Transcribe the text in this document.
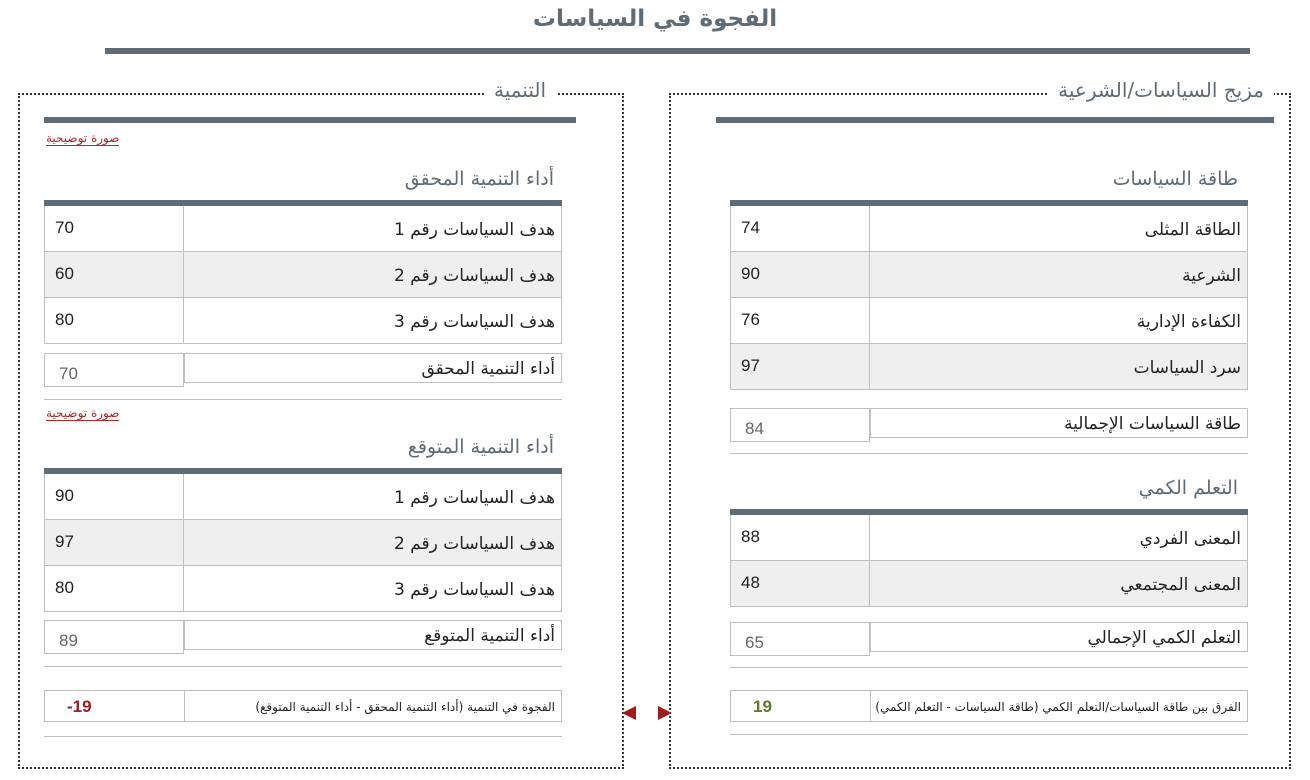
الفجوة في السياسات
مزيج السياسات/الشرعية
طاقة السياسات
74	الطاقة المثلى
90	الشرعية
76	الكفاءة الإدارية
97	سرد السياسات
84	طاقة السياسات الإجمالية
التعلم الكمي
88	المعنى الفردي
48	المعنى المجتمعي
65	التعلم الكمي الإجمالي
19	الفرق بين طاقة السياسات/التعلم الكمي (طاقة السياسات - التعلم الكمي)
التنمية
صورة توضيحية
أداء التنمية المحقق
70	هدف السياسات رقم 1
60	هدف السياسات رقم 2
80	هدف السياسات رقم 3
70	أداء التنمية المحقق
صورة توضيحية
أداء التنمية المتوقع
90	هدف السياسات رقم 1
97	هدف السياسات رقم 2
80	هدف السياسات رقم 3
89	أداء التنمية المتوقع
-19	الفجوة في التنمية (أداء التنمية المحقق - أداء التنمية المتوقع)
